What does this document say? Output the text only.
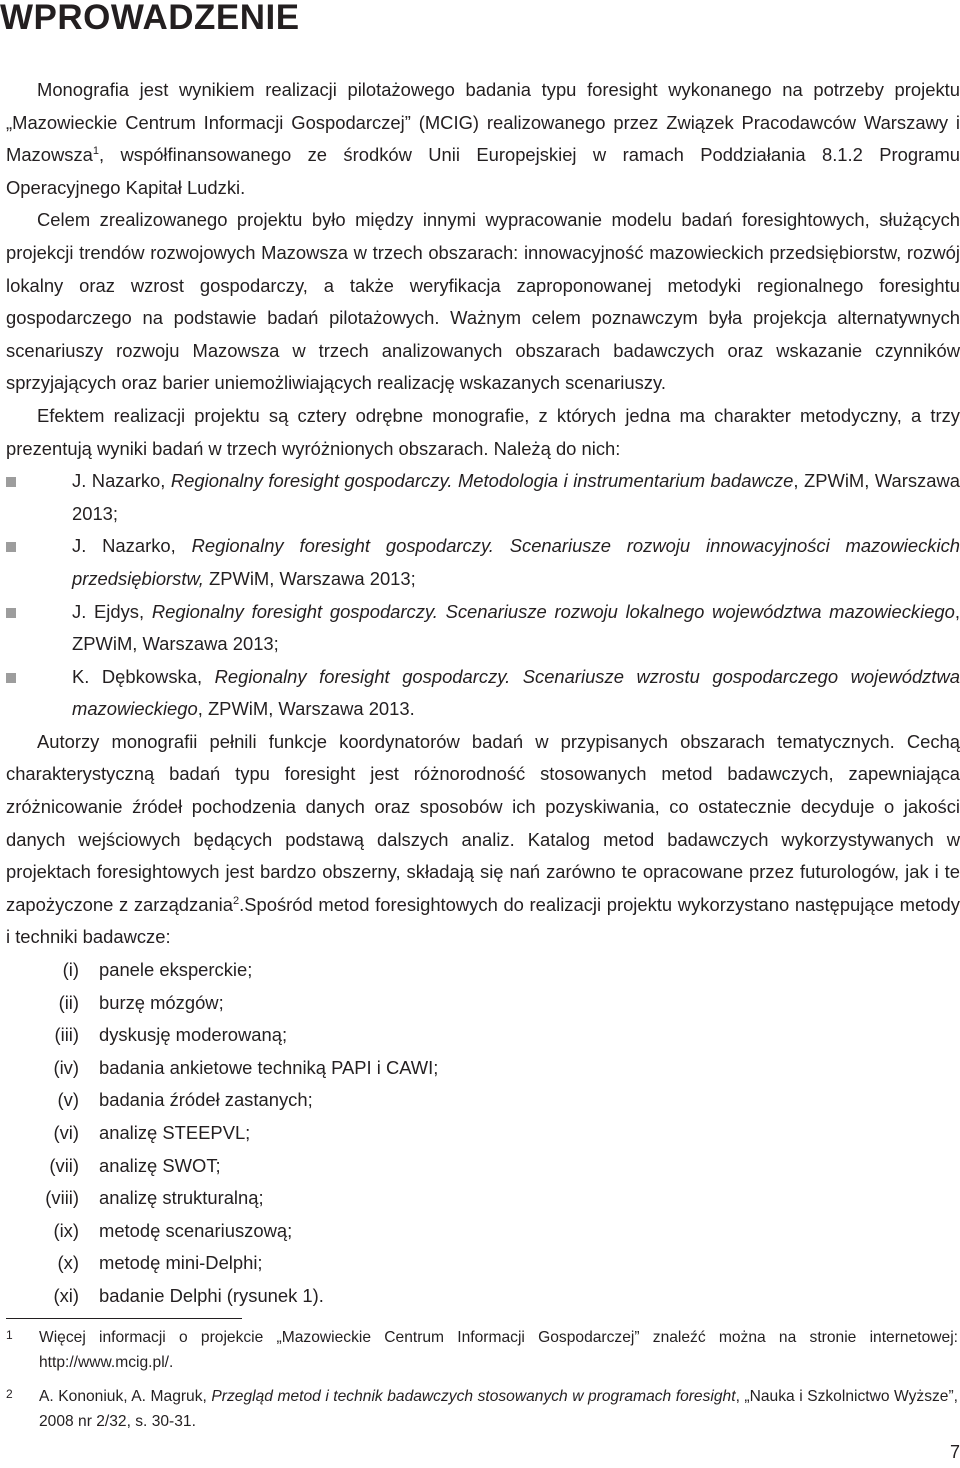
WPROWADZENIE

Monografia jest wynikiem realizacji pilotażowego badania typu foresight wykonanego na potrzeby projektu „Mazowieckie Centrum Informacji Gospodarczej” (MCIG) realizowanego przez Związek Pracodawców Warszawy i Mazowsza$^1$, współfinansowanego ze środków Unii Europejskiej w ramach Poddziałania 8.1.2 Programu Operacyjnego Kapitał Ludzki.

Celem zrealizowanego projektu było między innymi wypracowanie modelu badań foresightowych, służących projekcji trendów rozwojowych Mazowsza w trzech obszarach: innowacyjność mazowieckich przedsiębiorstw, rozwój lokalny oraz wzrost gospodarczy, a także weryfikacja zaproponowanej metodyki regionalnego foresightu gospodarczego na podstawie badań pilotażowych. Ważnym celem poznawczym była projekcja alternatywnych scenariuszy rozwoju Mazowsza w trzech analizowanych obszarach badawczych oraz wskazanie czynników sprzyjających oraz barier uniemożliwiających realizację wskazanych scenariuszy.

Efektem realizacji projektu są cztery odrębne monografie, z których jedna ma charakter metodyczny, a trzy prezentują wyniki badań w trzech wyróżnionych obszarach. Należą do nich:

J. Nazarko, Regionalny foresight gospodarczy. Metodologia i instrumentarium badawcze, ZPWiM, Warszawa 2013;
J. Nazarko, Regionalny foresight gospodarczy. Scenariusze rozwoju innowacyjności mazowieckich przedsiębiorstw, ZPWiM, Warszawa 2013;
J. Ejdys, Regionalny foresight gospodarczy. Scenariusze rozwoju lokalnego województwa mazowieckiego, ZPWiM, Warszawa 2013;
K. Dębkowska, Regionalny foresight gospodarczy. Scenariusze wzrostu gospodarczego województwa mazowieckiego, ZPWiM, Warszawa 2013.

Autorzy monografii pełnili funkcje koordynatorów badań w przypisanych obszarach tematycznych. Cechą charakterystyczną badań typu foresight jest różnorodność stosowanych metod badawczych, zapewniająca zróżnicowanie źródeł pochodzenia danych oraz sposobów ich pozyskiwania, co ostatecznie decyduje o jakości danych wejściowych będących podstawą dalszych analiz. Katalog metod badawczych wykorzystywanych w projektach foresightowych jest bardzo obszerny, składają się nań zarówno te opracowane przez futurologów, jak i te zapożyczone z zarządzania$^2$.Spośród metod foresightowych do realizacji projektu wykorzystano następujące metody i techniki badawcze:

(i) panele eksperckie;
(ii) burzę mózgów;
(iii) dyskusję moderowaną;
(iv) badania ankietowe techniką PAPI i CAWI;
(v) badania źródeł zastanych;
(vi) analizę STEEPVL;
(vii) analizę SWOT;
(viii) analizę strukturalną;
(ix) metodę scenariuszową;
(x) metodę mini-Delphi;
(xi) badanie Delphi (rysunek 1).
1 Więcej informacji o projekcie „Mazowieckie Centrum Informacji Gospodarczej” znaleźć można na stronie internetowej: http://www.mcig.pl/.
2 A. Kononiuk, A. Magruk, Przegląd metod i technik badawczych stosowanych w programach foresight, „Nauka i Szkolnictwo Wyższe”, 2008 nr 2/32, s. 30-31.
7
